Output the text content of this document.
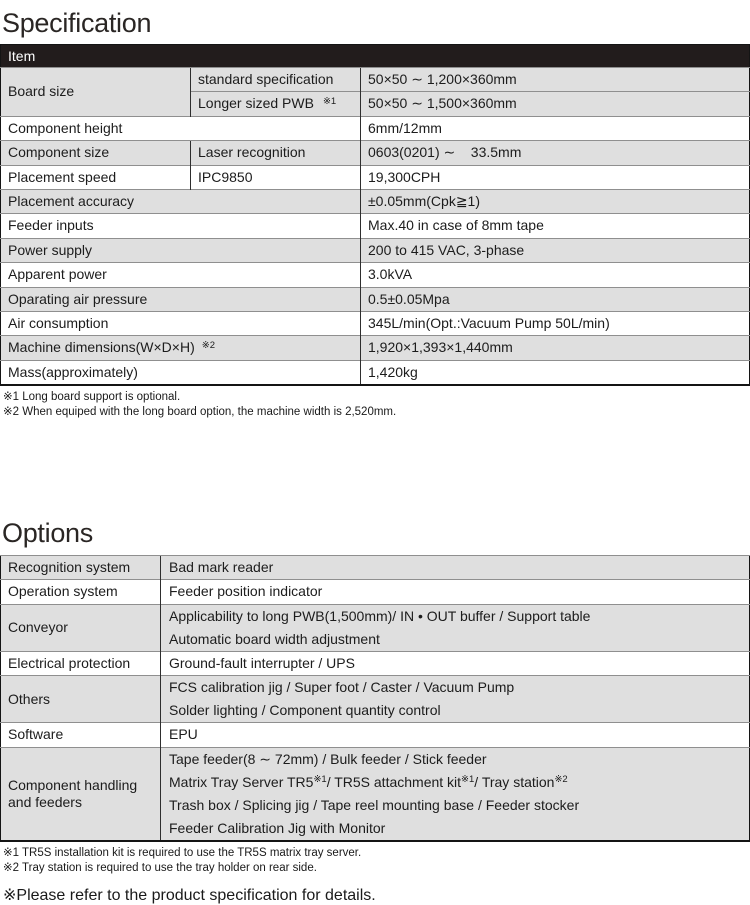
Specification
Item		
Board size	standard specification	50×50 ∼ 1,200×360mm
	Longer sized PWB $^{※1}$	50×50 ∼ 1,500×360mm
Component height		6mm/12mm
Component size	Laser recognition	0603(0201) ∼    33.5mm
Placement speed	IPC9850	19,300CPH
Placement accuracy		±0.05mm(Cpk≧1)
Feeder inputs		Max.40 in case of 8mm tape
Power supply		200 to 415 VAC, 3-phase
Apparent power		3.0kVA
Oparating air pressure		0.5±0.05Mpa
Air consumption		345L/min(Opt.:Vacuum Pump 50L/min)
Machine dimensions(W×D×H) $^{※2}$		1,920×1,393×1,440mm
Mass(approximately)		1,420kg
※1 Long board support is optional.
※2 When equiped with the long board option, the machine width is 2,520mm.
Options
Recognition system	Bad mark reader

Operation system	Feeder position indicator

Conveyor	Applicability to long PWB(1,500mm)/ IN • OUT buffer / Support table
Automatic board width adjustment

Electrical protection	Ground-fault interrupter / UPS

Others	FCS calibration jig / Super foot / Caster / Vacuum Pump
Solder lighting / Component quantity control

Software	EPU

Component handling and feeders	Tape feeder(8 ∼ 72mm) / Bulk feeder / Stick feeder
Matrix Tray Server TR5$^{※1}$/ TR5S attachment kit$^{※1}$/ Tray station$^{※2}$
Trash box / Splicing jig / Tape reel mounting base / Feeder stocker
Feeder Calibration Jig with Monitor
※1 TR5S installation kit is required to use the TR5S matrix tray server.
※2 Tray station is required to use the tray holder on rear side.
※Please refer to the product specification for details.
